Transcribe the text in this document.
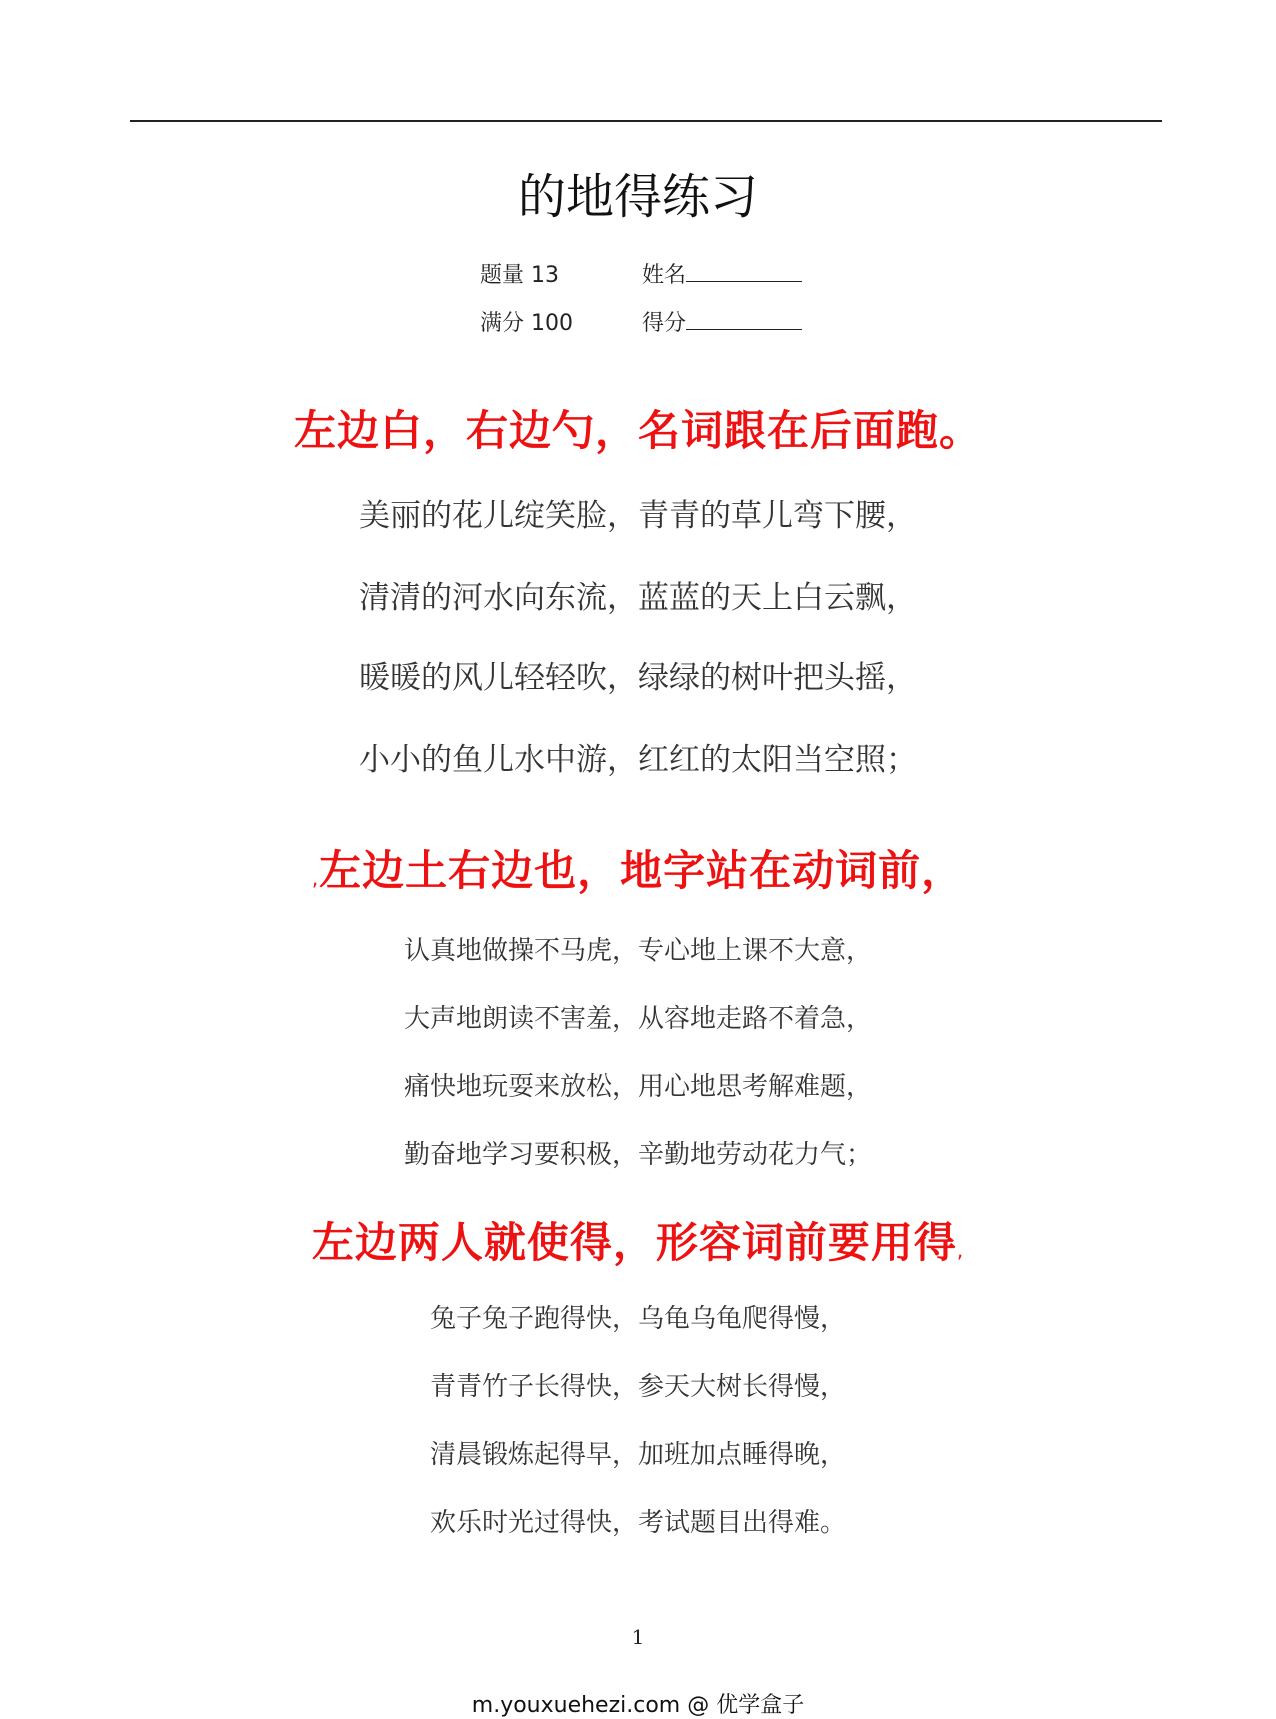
的地得练习
题量 13	姓名
满分 100	得分
左边白，右边勺，名词跟在后面跑。
美丽的花儿绽笑脸，青青的草儿弯下腰，
清清的河水向东流，蓝蓝的天上白云飘，
暖暖的风儿轻轻吹，绿绿的树叶把头摇，
小小的鱼儿水中游，红红的太阳当空照；
,左边土右边也，地字站在动词前，
认真地做操不马虎，专心地上课不大意，
大声地朗读不害羞，从容地走路不着急，
痛快地玩耍来放松，用心地思考解难题，
勤奋地学习要积极，辛勤地劳动花力气；
左边两人就使得，形容词前要用得,
兔子兔子跑得快，乌龟乌龟爬得慢，
青青竹子长得快，参天大树长得慢，
清晨锻炼起得早，加班加点睡得晚，
欢乐时光过得快，考试题目出得难。
1
m.youxuehezi.com @ 优学盒子
